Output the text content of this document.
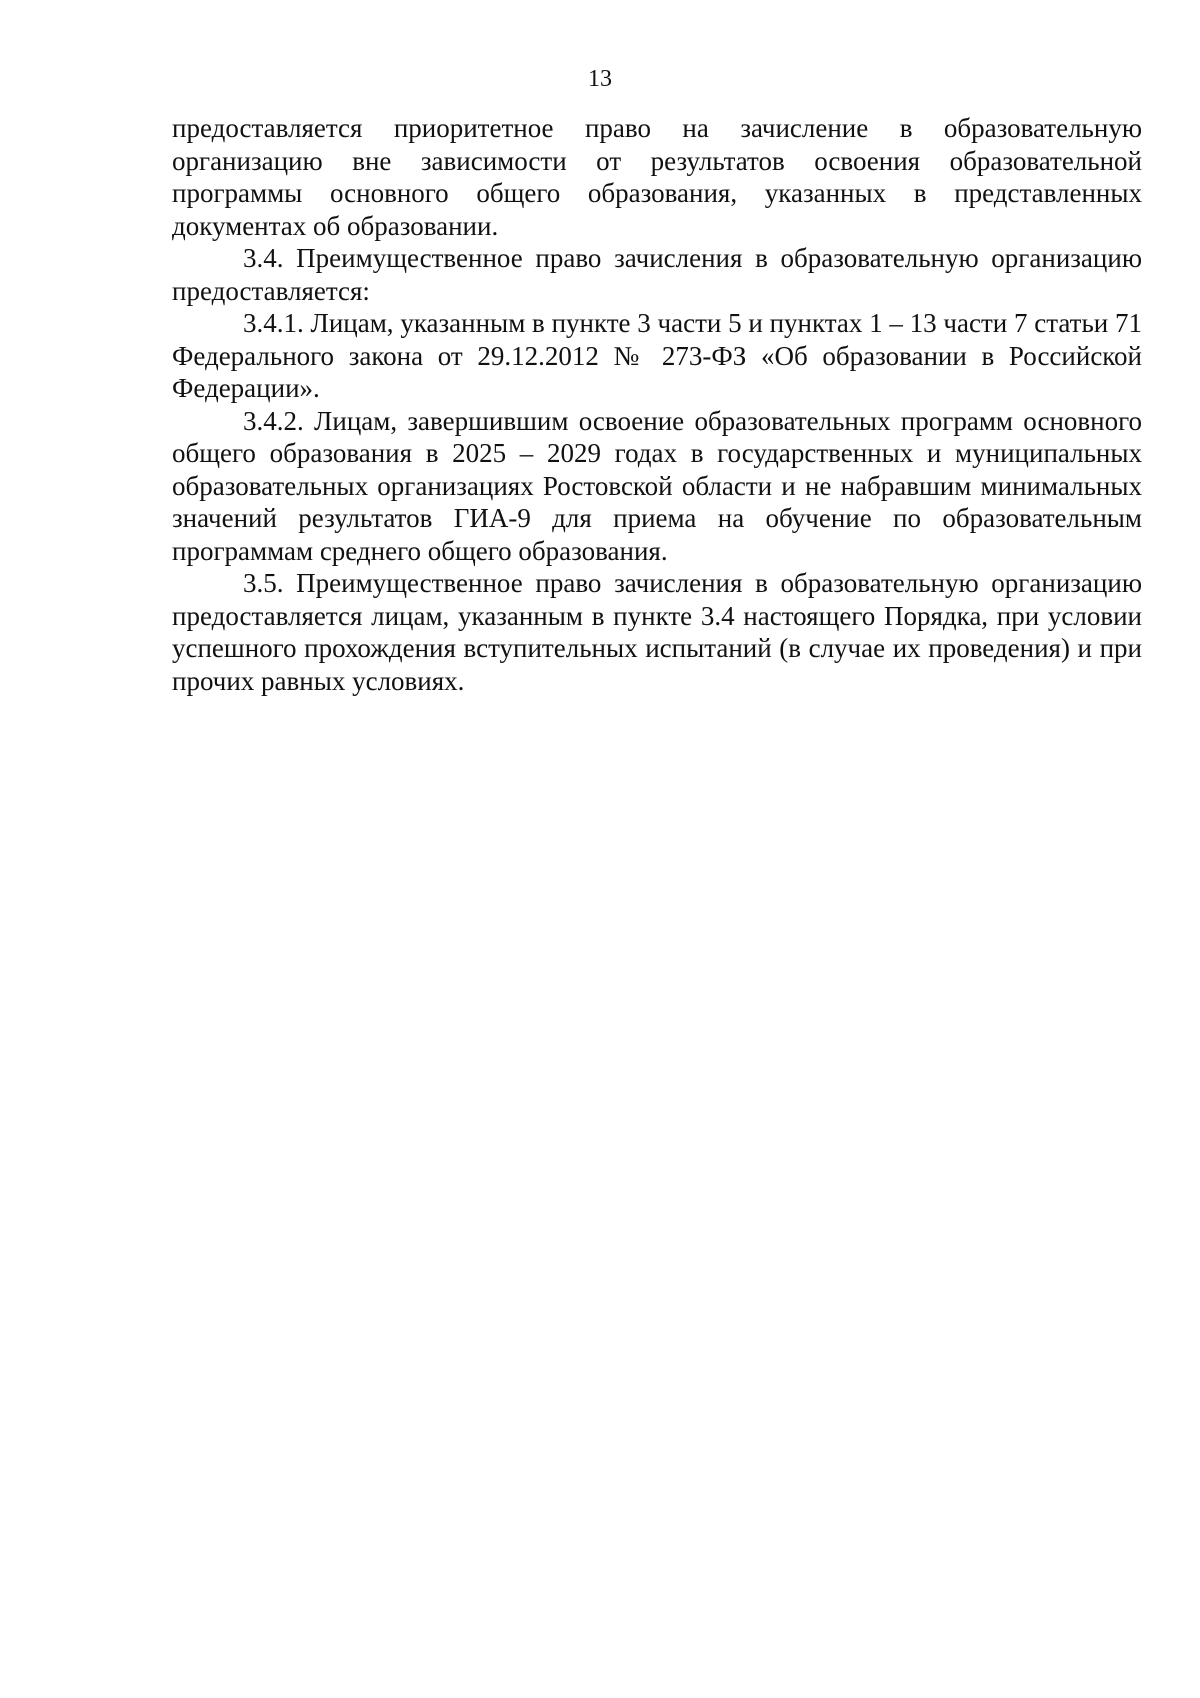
13

предоставляется приоритетное право на зачисление в образовательную организацию вне зависимости от результатов освоения образовательной программы основного общего образования, указанных в представленных документах об образовании.

3.4. Преимущественное право зачисления в образовательную организацию предоставляется:

3.4.1. Лицам, указанным в пункте 3 части 5 и пунктах 1 – 13 части 7 статьи 71 Федерального закона от 29.12.2012 № 273-ФЗ «Об образовании в Российской Федерации».

3.4.2. Лицам, завершившим освоение образовательных программ основного общего образования в 2025 – 2029 годах в государственных и муниципальных образовательных организациях Ростовской области и не набравшим минимальных значений результатов ГИА-9 для приема на обучение по образовательным программам среднего общего образования.

3.5. Преимущественное право зачисления в образовательную организацию предоставляется лицам, указанным в пункте 3.4 настоящего Порядка, при условии успешного прохождения вступительных испытаний (в случае их проведения) и при прочих равных условиях.
